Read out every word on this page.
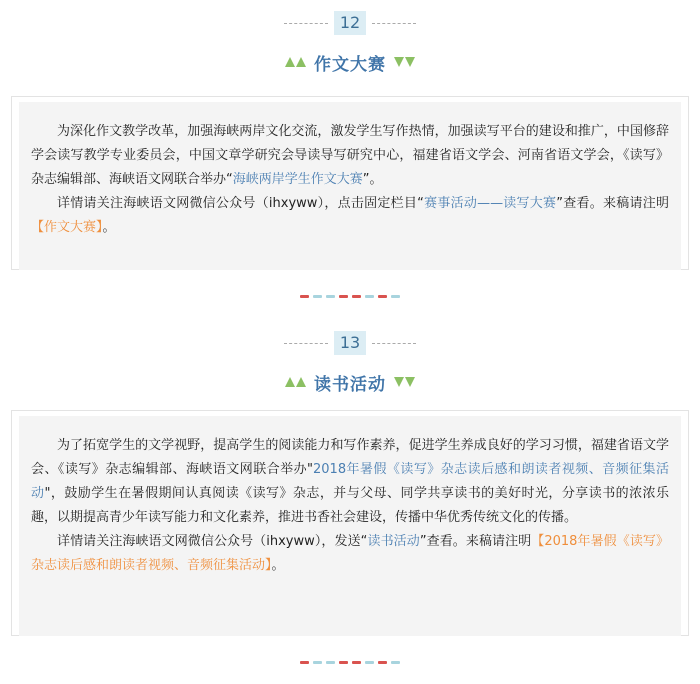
12
作文大赛

为深化作文教学改革，加强海峡两岸文化交流，激发学生写作热情，加强读写平台的建设和推广，中国修辞学会读写教学专业委员会，中国文章学研究会导读导写研究中心，福建省语文学会、河南省语文学会，《读写》杂志编辑部、海峡语文网联合举办“海峡两岸学生作文大赛”。

详情请关注海峡语文网微信公众号（ihxyww），点击固定栏目“赛事活动——读写大赛”查看。来稿请注明【作文大赛】。

13
读书活动

为了拓宽学生的文学视野，提高学生的阅读能力和写作素养，促进学生养成良好的学习习惯，福建省语文学会、《读写》杂志编辑部、海峡语文网联合举办"2018年暑假《读写》杂志读后感和朗读者视频、音频征集活动"，鼓励学生在暑假期间认真阅读《读写》杂志，并与父母、同学共享读书的美好时光，分享读书的浓浓乐趣，以期提高青少年读写能力和文化素养，推进书香社会建设，传播中华优秀传统文化的传播。

详情请关注海峡语文网微信公众号（ihxyww），发送“读书活动”查看。来稿请注明【2018年暑假《读写》杂志读后感和朗读者视频、音频征集活动】。
